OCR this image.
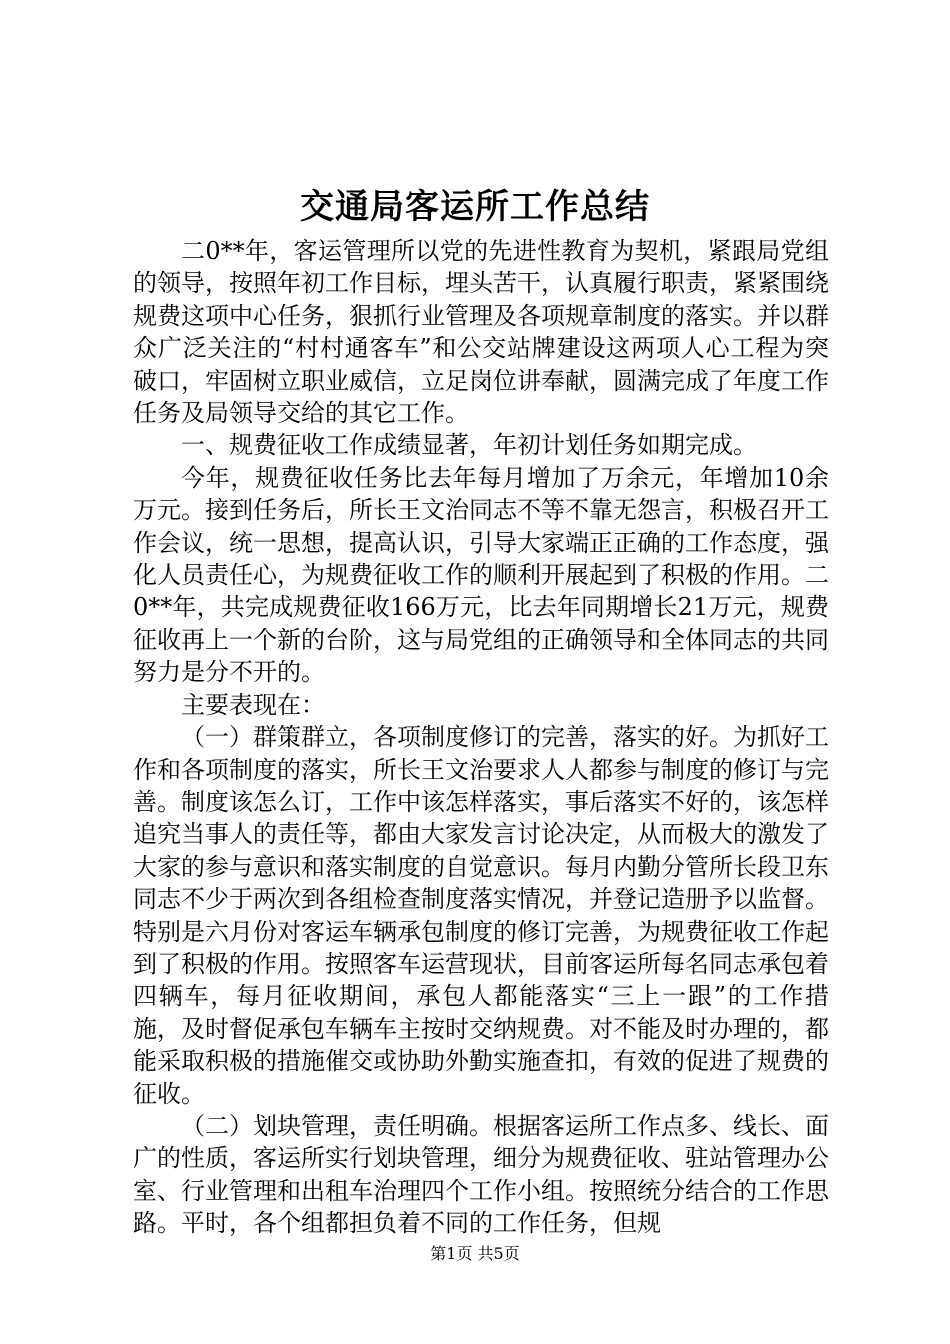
交通局客运所工作总结

二0**年，客运管理所以党的先进性教育为契机，紧跟局党组的领导，按照年初工作目标，埋头苦干，认真履行职责，紧紧围绕规费这项中心任务，狠抓行业管理及各项规章制度的落实。并以群众广泛关注的“村村通客车”和公交站牌建设这两项人心工程为突破口，牢固树立职业威信，立足岗位讲奉献，圆满完成了年度工作任务及局领导交给的其它工作。

一、规费征收工作成绩显著，年初计划任务如期完成。

今年，规费征收任务比去年每月增加了万余元，年增加10余万元。接到任务后，所长王文治同志不等不靠无怨言，积极召开工作会议，统一思想，提高认识，引导大家端正正确的工作态度，强化人员责任心，为规费征收工作的顺利开展起到了积极的作用。二0**年，共完成规费征收166万元，比去年同期增长21万元，规费征收再上一个新的台阶，这与局党组的正确领导和全体同志的共同努力是分不开的。

主要表现在：

（一）群策群立，各项制度修订的完善，落实的好。为抓好工作和各项制度的落实，所长王文治要求人人都参与制度的修订与完善。制度该怎么订，工作中该怎样落实，事后落实不好的，该怎样追究当事人的责任等，都由大家发言讨论决定，从而极大的激发了大家的参与意识和落实制度的自觉意识。每月内勤分管所长段卫东同志不少于两次到各组检查制度落实情况，并登记造册予以监督。特别是六月份对客运车辆承包制度的修订完善，为规费征收工作起到了积极的作用。按照客车运营现状，目前客运所每名同志承包着四辆车，每月征收期间，承包人都能落实“三上一跟”的工作措施，及时督促承包车辆车主按时交纳规费。对不能及时办理的，都能采取积极的措施催交或协助外勤实施查扣，有效的促进了规费的征收。

（二）划块管理，责任明确。根据客运所工作点多、线长、面广的性质，客运所实行划块管理，细分为规费征收、驻站管理办公室、行业管理和出租车治理四个工作小组。按照统分结合的工作思路。平时，各个组都担负着不同的工作任务，但规

第1页 共5页
